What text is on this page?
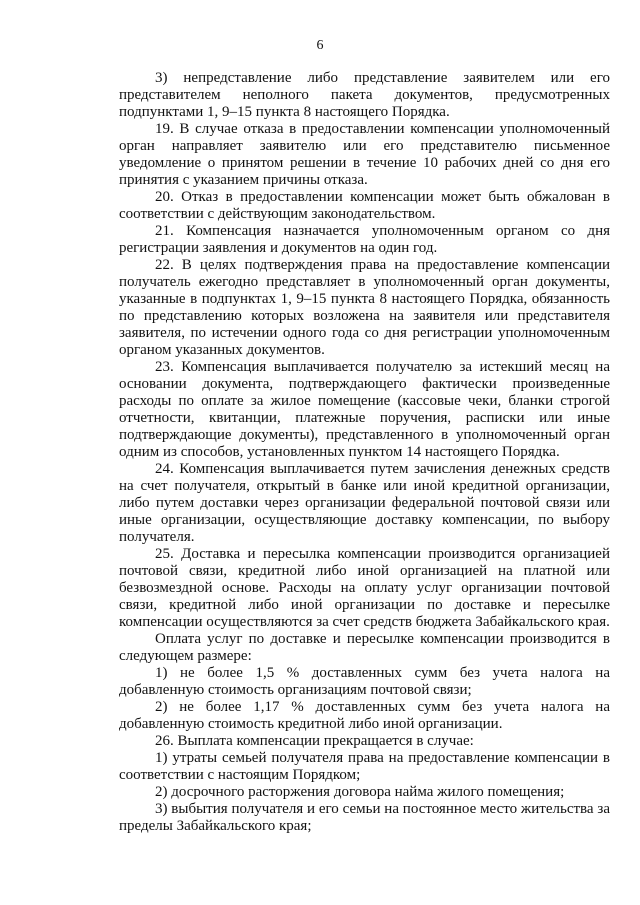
6

3) непредставление либо представление заявителем или его представителем неполного пакета документов, предусмотренных подпунктами 1, 9–15 пункта 8 настоящего Порядка.

19. В случае отказа в предоставлении компенсации уполномоченный орган направляет заявителю или его представителю письменное уведомление о принятом решении в течение 10 рабочих дней со дня его принятия с указанием причины отказа.

20. Отказ в предоставлении компенсации может быть обжалован в соответствии с действующим законодательством.

21. Компенсация назначается уполномоченным органом со дня регистрации заявления и документов на один год.

22. В целях подтверждения права на предоставление компенсации получатель ежегодно представляет в уполномоченный орган документы, указанные в подпунктах 1, 9–15 пункта 8 настоящего Порядка, обязанность по представлению которых возложена на заявителя или представителя заявителя, по истечении одного года со дня регистрации уполномоченным органом указанных документов.

23. Компенсация выплачивается получателю за истекший месяц на основании документа, подтверждающего фактически произведенные расходы по оплате за жилое помещение (кассовые чеки, бланки строгой отчетности, квитанции, платежные поручения, расписки или иные подтверждающие документы), представленного в уполномоченный орган одним из способов, установленных пунктом 14 настоящего Порядка.

24. Компенсация выплачивается путем зачисления денежных средств на счет получателя, открытый в банке или иной кредитной организации, либо путем доставки через организации федеральной почтовой связи или иные организации, осуществляющие доставку компенсации, по выбору получателя.

25. Доставка и пересылка компенсации производится организацией почтовой связи, кредитной либо иной организацией на платной или безвозмездной основе. Расходы на оплату услуг организации почтовой связи, кредитной либо иной организации по доставке и пересылке компенсации осуществляются за счет средств бюджета Забайкальского края.

Оплата услуг по доставке и пересылке компенсации производится в следующем размере:

1) не более 1,5 % доставленных сумм без учета налога на добавленную стоимость организациям почтовой связи;

2) не более 1,17 % доставленных сумм без учета налога на добавленную стоимость кредитной либо иной организации.

26. Выплата компенсации прекращается в случае:

1) утраты семьей получателя права на предоставление компенсации в соответствии с настоящим Порядком;

2) досрочного расторжения договора найма жилого помещения;

3) выбытия получателя и его семьи на постоянное место жительства за пределы Забайкальского края;
